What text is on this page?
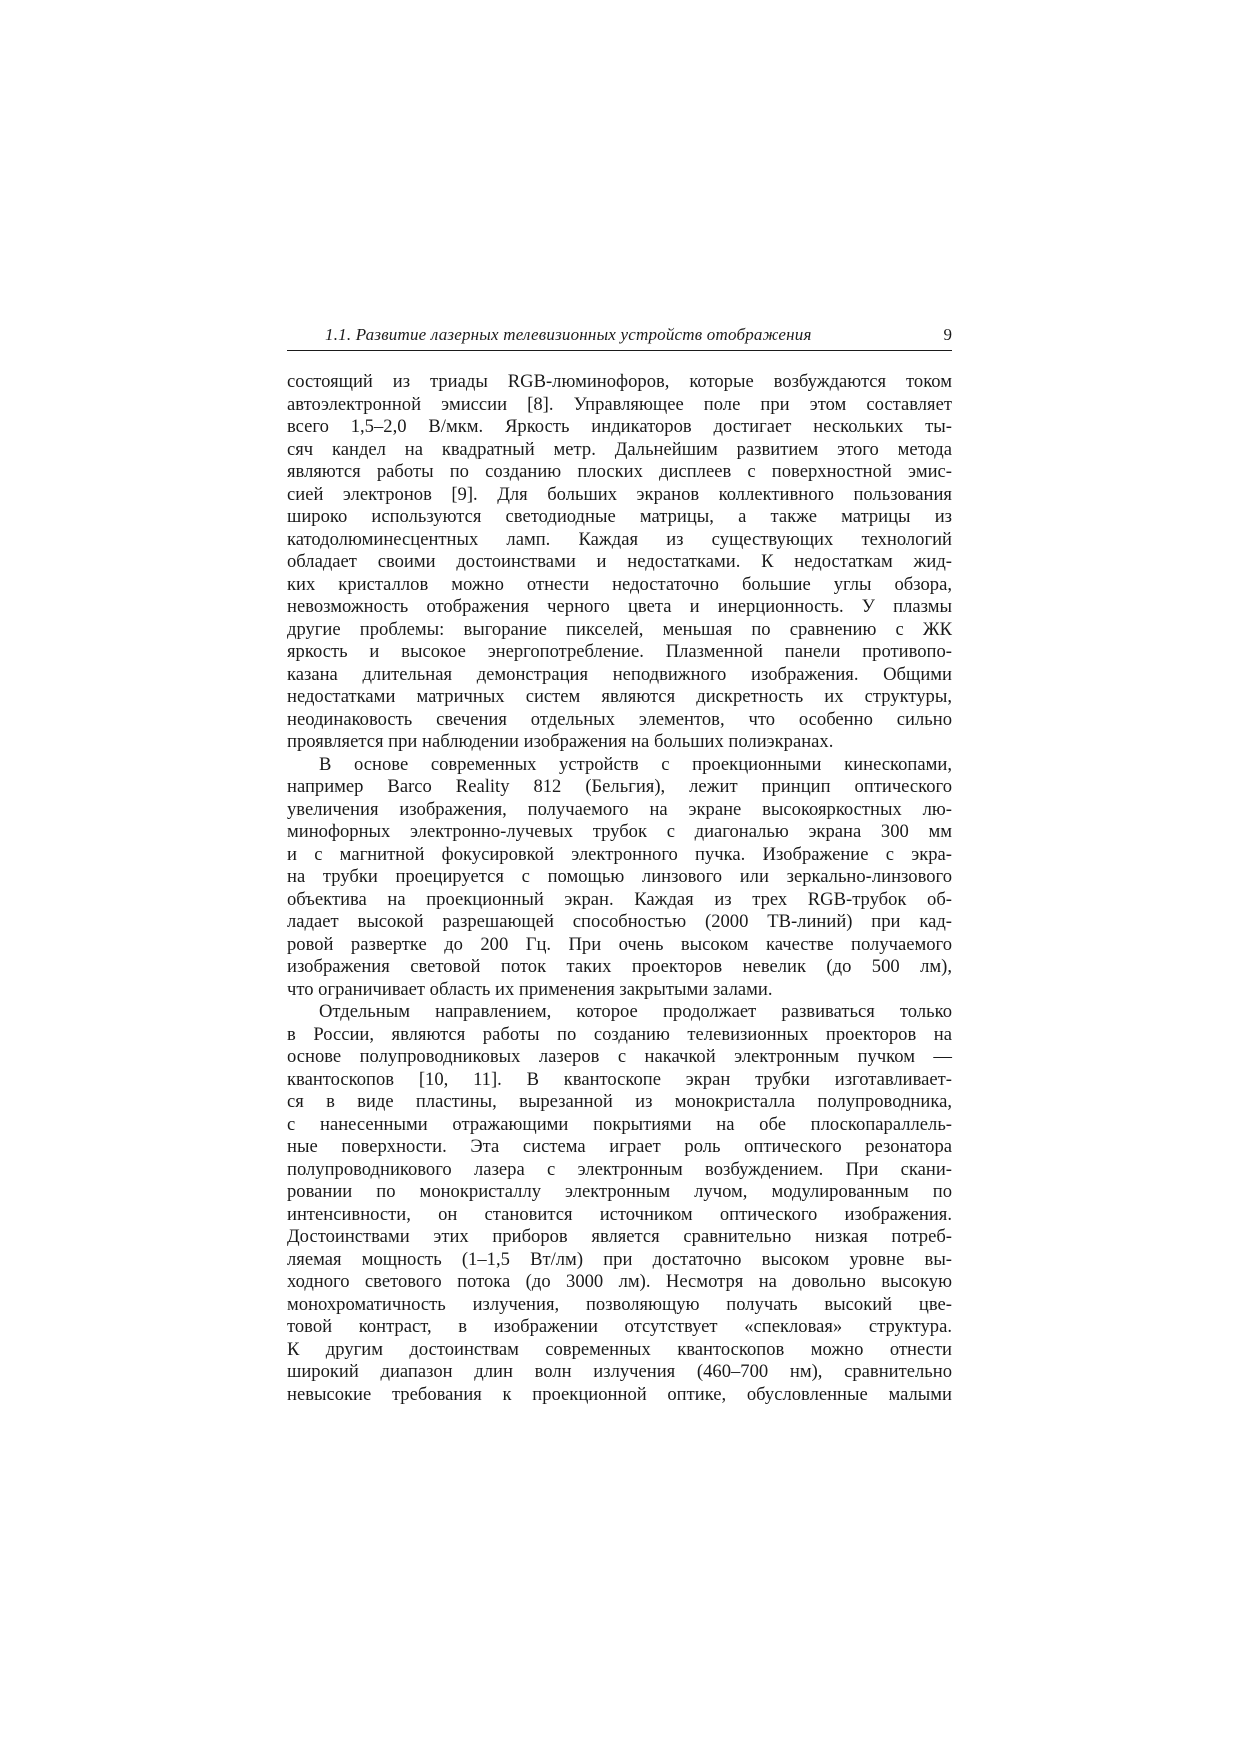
1.1. Развитие лазерных телевизионных устройств отображения	9

состоящий из триады RGB-люминофоров, которые возбуждаются током
автоэлектронной эмиссии [8]. Управляющее поле при этом составляет
всего 1,5–2,0 В/мкм. Яркость индикаторов достигает нескольких ты-
сяч кандел на квадратный метр. Дальнейшим развитием этого метода
являются работы по созданию плоских дисплеев с поверхностной эмис-
сией электронов [9]. Для больших экранов коллективного пользования
широко используются светодиодные матрицы, а также матрицы из
катодолюминесцентных ламп. Каждая из существующих технологий
обладает своими достоинствами и недостатками. К недостаткам жид-
ких кристаллов можно отнести недостаточно большие углы обзора,
невозможность отображения черного цвета и инерционность. У плазмы
другие проблемы: выгорание пикселей, меньшая по сравнению с ЖК
яркость и высокое энергопотребление. Плазменной панели противопо-
казана длительная демонстрация неподвижного изображения. Общими
недостатками матричных систем являются дискретность их структуры,
неодинаковость свечения отдельных элементов, что особенно сильно
проявляется при наблюдении изображения на больших полиэкранах.

В основе современных устройств с проекционными кинескопами,
например Barco Reality 812 (Бельгия), лежит принцип оптического
увеличения изображения, получаемого на экране высокояркостных лю-
минофорных электронно-лучевых трубок с диагональю экрана 300 мм
и с магнитной фокусировкой электронного пучка. Изображение с экра-
на трубки проецируется с помощью линзового или зеркально-линзового
объектива на проекционный экран. Каждая из трех RGB-трубок об-
ладает высокой разрешающей способностью (2000 ТВ-линий) при кад-
ровой развертке до 200 Гц. При очень высоком качестве получаемого
изображения световой поток таких проекторов невелик (до 500 лм),
что ограничивает область их применения закрытыми залами.

Отдельным направлением, которое продолжает развиваться только
в России, являются работы по созданию телевизионных проекторов на
основе полупроводниковых лазеров с накачкой электронным пучком —
квантоскопов [10, 11]. В квантоскопе экран трубки изготавливает-
ся в виде пластины, вырезанной из монокристалла полупроводника,
с нанесенными отражающими покрытиями на обе плоскопараллель-
ные поверхности. Эта система играет роль оптического резонатора
полупроводникового лазера с электронным возбуждением. При скани-
ровании по монокристаллу электронным лучом, модулированным по
интенсивности, он становится источником оптического изображения.
Достоинствами этих приборов является сравнительно низкая потреб-
ляемая мощность (1–1,5 Вт/лм) при достаточно высоком уровне вы-
ходного светового потока (до 3000 лм). Несмотря на довольно высокую
монохроматичность излучения, позволяющую получать высокий цве-
товой контраст, в изображении отсутствует «спекловая» структура.
К другим достоинствам современных квантоскопов можно отнести
широкий диапазон длин волн излучения (460–700 нм), сравнительно
невысокие требования к проекционной оптике, обусловленные малыми
